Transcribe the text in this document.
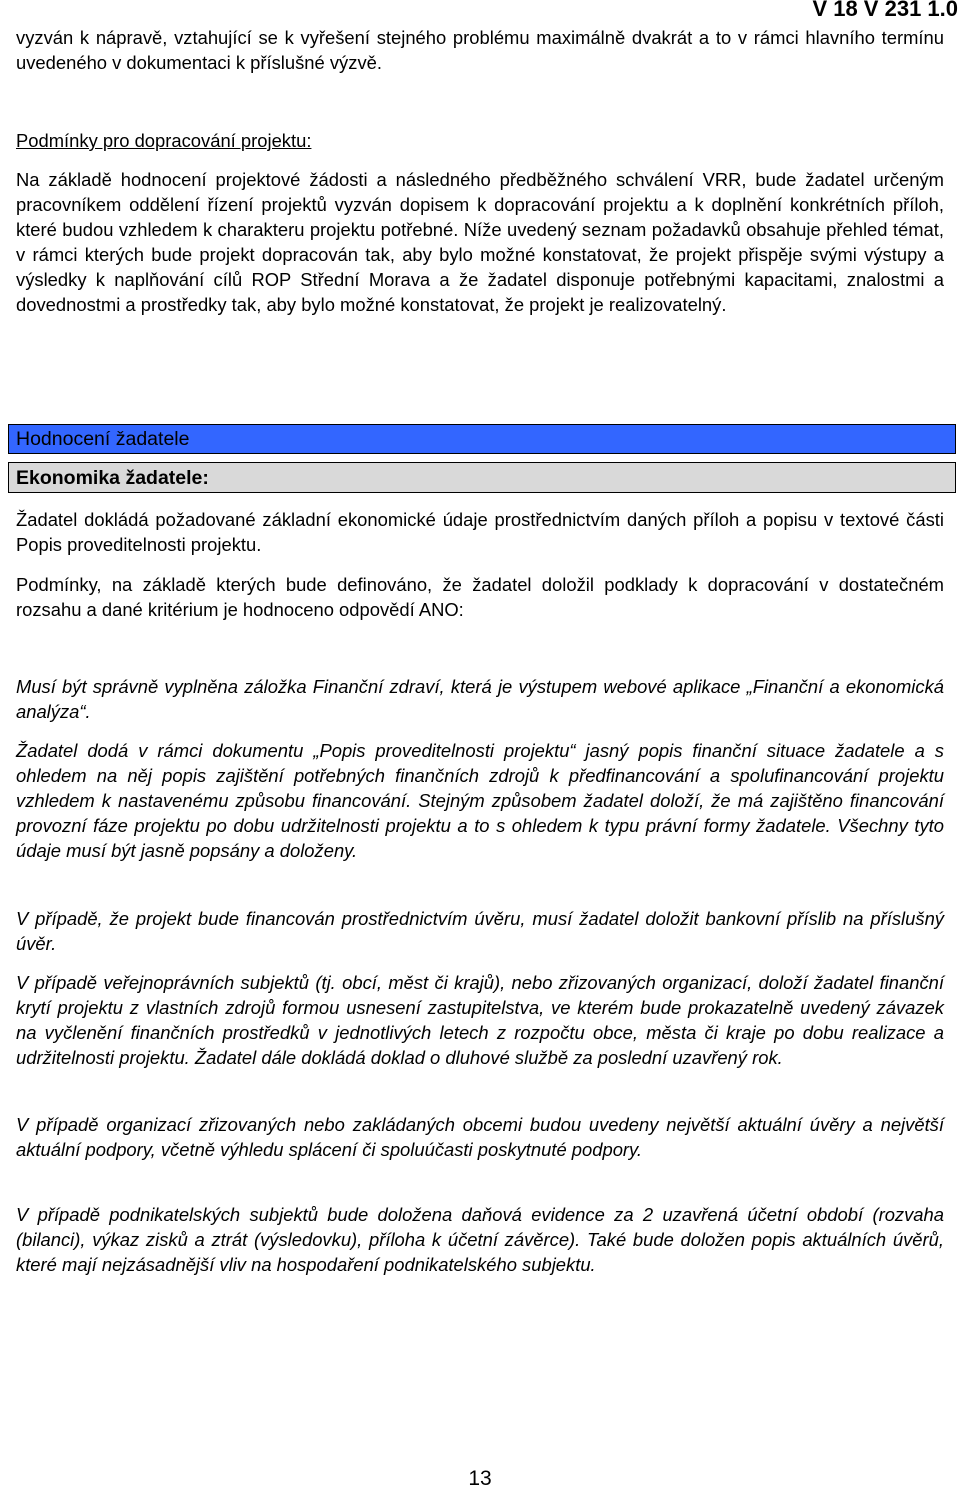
V 18 V 231 1.0

vyzván k nápravě, vztahující se k vyřešení stejného problému maximálně dvakrát a to v rámci hlavního termínu uvedeného v dokumentaci k příslušné výzvě.

Podmínky pro dopracování projektu:

Na základě hodnocení projektové žádosti a následného předběžného schválení VRR, bude žadatel určeným pracovníkem oddělení řízení projektů vyzván dopisem k dopracování projektu a k doplnění konkrétních příloh, které budou vzhledem k charakteru projektu potřebné. Níže uvedený seznam požadavků obsahuje přehled témat, v rámci kterých bude projekt dopracován tak, aby bylo možné konstatovat, že projekt přispěje svými výstupy a výsledky k naplňování cílů ROP Střední Morava a že žadatel disponuje potřebnými kapacitami, znalostmi a dovednostmi a prostředky tak, aby bylo možné konstatovat, že projekt je realizovatelný.

Hodnocení žadatele
Ekonomika žadatele:

Žadatel dokládá požadované základní ekonomické údaje prostřednictvím daných příloh a popisu v textové části Popis proveditelnosti projektu.

Podmínky, na základě kterých bude definováno, že žadatel doložil podklady k dopracování v dostatečném rozsahu a dané kritérium je hodnoceno odpovědí ANO:

Musí být správně vyplněna záložka Finanční zdraví, která je výstupem webové aplikace „Finanční a ekonomická analýza“.

Žadatel dodá v rámci dokumentu „Popis proveditelnosti projektu“ jasný popis finanční situace žadatele a s ohledem na něj popis zajištění potřebných finančních zdrojů k předfinancování a spolufinancování projektu vzhledem k nastavenému způsobu financování. Stejným způsobem žadatel doloží, že má zajištěno financování provozní fáze projektu po dobu udržitelnosti projektu a to s ohledem k typu právní formy žadatele. Všechny tyto údaje musí být jasně popsány a doloženy.

V případě, že projekt bude financován prostřednictvím úvěru, musí žadatel doložit bankovní příslib na příslušný úvěr.

V případě veřejnoprávních subjektů (tj. obcí, měst či krajů), nebo zřizovaných organizací, doloží žadatel finanční krytí projektu z vlastních zdrojů formou usnesení zastupitelstva, ve kterém bude prokazatelně uvedený závazek na vyčlenění finančních prostředků v jednotlivých letech z rozpočtu obce, města či kraje po dobu realizace a udržitelnosti projektu. Žadatel dále dokládá doklad o dluhové službě za poslední uzavřený rok.

V případě organizací zřizovaných nebo zakládaných obcemi budou uvedeny největší aktuální úvěry a největší aktuální podpory, včetně výhledu splácení či spoluúčasti poskytnuté podpory.

V případě podnikatelských subjektů bude doložena daňová evidence za 2 uzavřená účetní období (rozvaha (bilanci), výkaz zisků a ztrát (výsledovku), příloha k účetní závěrce). Také bude doložen popis aktuálních úvěrů, které mají nejzásadnější vliv na hospodaření podnikatelského subjektu.

13
